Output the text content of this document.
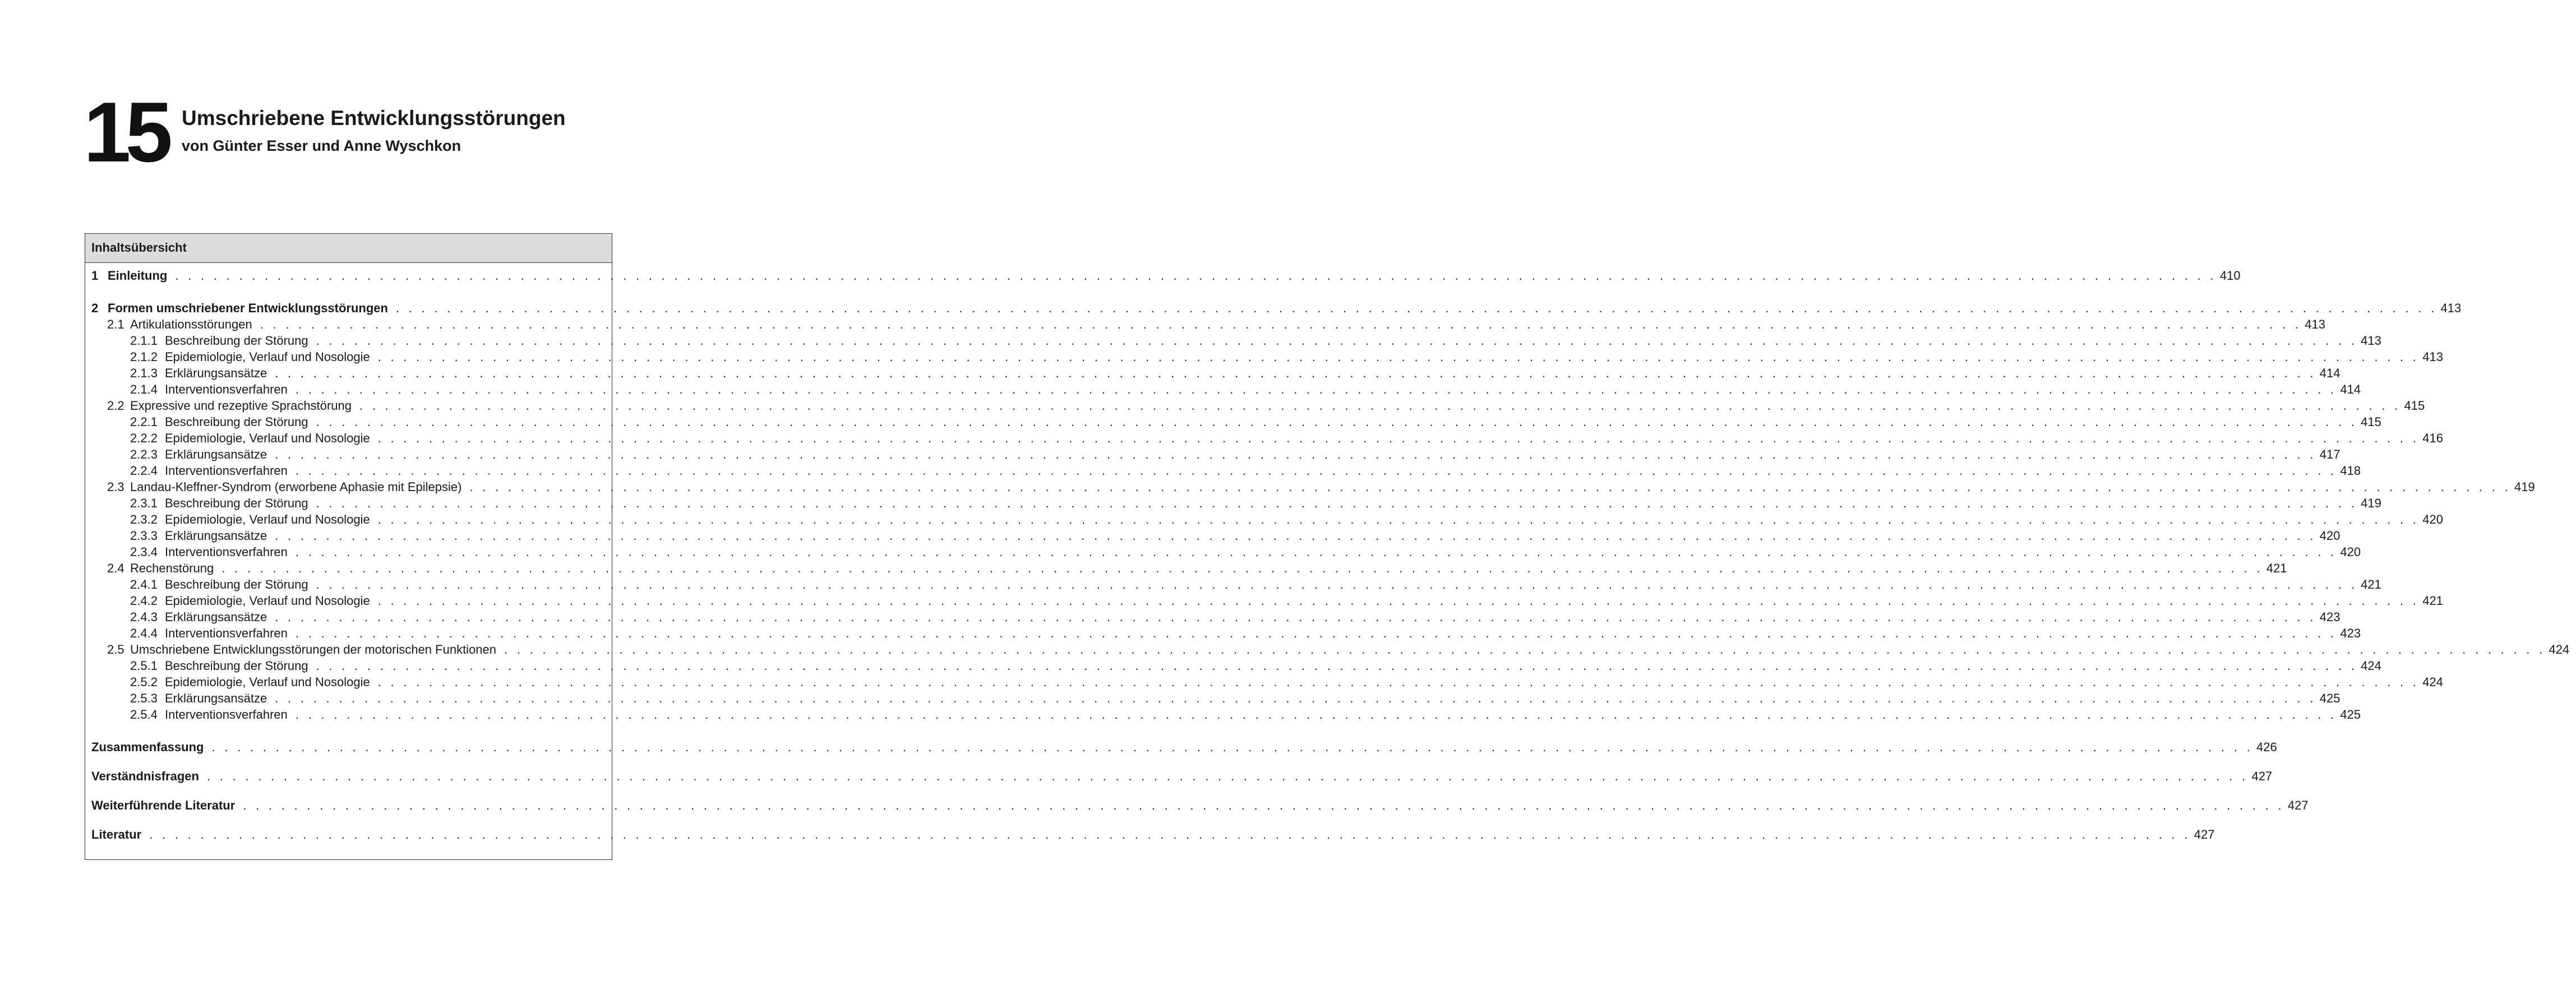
15 Umschriebene Entwicklungsstörungen
von Günter Esser und Anne Wyschkon
Inhaltsübersicht
1 Einleitung . . . . . . . . . . . . . . . . . . . . . . . . . . . . . . . . . . . . . . . . . . . . . . . . . . . . . . . . . . . . . . . . . . . . . . . . . . . . . . . . . . . . . . . . . . . . . . . . . . . . . . . . . . . . . . . . . . . . . . . . . . . . . . . . . . . . . . . . . . . . . . . . . . . . . . . . . . . . . . . . 410
2 Formen umschriebener Entwicklungsstörungen . . . . . . . . . . . . . . . . . . . . . . . . . . . . . . . . . . . . . . . . . . . . . . . . . . . . . . . . . . . . . . . . . . . . . . . . . . . . . . . . . . . . . . . . . . . . . . . . . . . . . . . . . . . . . . . . . . . . . . . . . . . . . . . . . . . . . . . . . . . . . . . . . . . . . . . . . . . . . . . . 413
2.1 Artikulationsstörungen . . . . . . . . . . . . . . . . . . . . . . . . . . . . . . . . . . . . . . . . . . . . . . . . . . . . . . . . . . . . . . . . . . . . . . . . . . . . . . . . . . . . . . . . . . . . . . . . . . . . . . . . . . . . . . . . . . . . . . . . . . . . . . . . . . . . . . . . . . . . . . . . . . . . . . . . . . . . . . . . 413
2.1.1 Beschreibung der Störung . . . . . . . . . . . . . . . . . . . . . . . . . . . . . . . . . . . . . . . . . . . . . . . . . . . . . . . . . . . . . . . . . . . . . . . . . . . . . . . . . . . . . . . . . . . . . . . . . . . . . . . . . . . . . . . . . . . . . . . . . . . . . . . . . . . . . . . . . . . . . . . . . . . . . . . . . . . . . . . . 413
2.1.2 Epidemiologie, Verlauf und Nosologie . . . . . . . . . . . . . . . . . . . . . . . . . . . . . . . . . . . . . . . . . . . . . . . . . . . . . . . . . . . . . . . . . . . . . . . . . . . . . . . . . . . . . . . . . . . . . . . . . . . . . . . . . . . . . . . . . . . . . . . . . . . . . . . . . . . . . . . . . . . . . . . . . . . . . . . . . . . . . . . . 413
2.1.3 Erklärungsansätze . . . . . . . . . . . . . . . . . . . . . . . . . . . . . . . . . . . . . . . . . . . . . . . . . . . . . . . . . . . . . . . . . . . . . . . . . . . . . . . . . . . . . . . . . . . . . . . . . . . . . . . . . . . . . . . . . . . . . . . . . . . . . . . . . . . . . . . . . . . . . . . . . . . . . . . . . . . . . . . . 414
2.1.4 Interventionsverfahren . . . . . . . . . . . . . . . . . . . . . . . . . . . . . . . . . . . . . . . . . . . . . . . . . . . . . . . . . . . . . . . . . . . . . . . . . . . . . . . . . . . . . . . . . . . . . . . . . . . . . . . . . . . . . . . . . . . . . . . . . . . . . . . . . . . . . . . . . . . . . . . . . . . . . . . . . . . . . . . . 414
2.2 Expressive und rezeptive Sprachstörung . . . . . . . . . . . . . . . . . . . . . . . . . . . . . . . . . . . . . . . . . . . . . . . . . . . . . . . . . . . . . . . . . . . . . . . . . . . . . . . . . . . . . . . . . . . . . . . . . . . . . . . . . . . . . . . . . . . . . . . . . . . . . . . . . . . . . . . . . . . . . . . . . . . . . . . . . . . . . . . . 415
2.2.1 Beschreibung der Störung . . . . . . . . . . . . . . . . . . . . . . . . . . . . . . . . . . . . . . . . . . . . . . . . . . . . . . . . . . . . . . . . . . . . . . . . . . . . . . . . . . . . . . . . . . . . . . . . . . . . . . . . . . . . . . . . . . . . . . . . . . . . . . . . . . . . . . . . . . . . . . . . . . . . . . . . . . . . . . . . 415
2.2.2 Epidemiologie, Verlauf und Nosologie . . . . . . . . . . . . . . . . . . . . . . . . . . . . . . . . . . . . . . . . . . . . . . . . . . . . . . . . . . . . . . . . . . . . . . . . . . . . . . . . . . . . . . . . . . . . . . . . . . . . . . . . . . . . . . . . . . . . . . . . . . . . . . . . . . . . . . . . . . . . . . . . . . . . . . . . . . . . . . . . 416
2.2.3 Erklärungsansätze . . . . . . . . . . . . . . . . . . . . . . . . . . . . . . . . . . . . . . . . . . . . . . . . . . . . . . . . . . . . . . . . . . . . . . . . . . . . . . . . . . . . . . . . . . . . . . . . . . . . . . . . . . . . . . . . . . . . . . . . . . . . . . . . . . . . . . . . . . . . . . . . . . . . . . . . . . . . . . . . 417
2.2.4 Interventionsverfahren . . . . . . . . . . . . . . . . . . . . . . . . . . . . . . . . . . . . . . . . . . . . . . . . . . . . . . . . . . . . . . . . . . . . . . . . . . . . . . . . . . . . . . . . . . . . . . . . . . . . . . . . . . . . . . . . . . . . . . . . . . . . . . . . . . . . . . . . . . . . . . . . . . . . . . . . . . . . . . . . 418
2.3 Landau-Kleffner-Syndrom (erworbene Aphasie mit Epilepsie) . . . . . . . . . . . . . . . . . . . . . . . . . . . . . . . . . . . . . . . . . . . . . . . . . . . . . . . . . . . . . . . . . . . . . . . . . . . . . . . . . . . . . . . . . . . . . . . . . . . . . . . . . . . . . . . . . . . . . . . . . . . . . . . . . . . . . . . . . . . . . . . . . . . . . . . . . . . . . . . . 419
2.3.1 Beschreibung der Störung . . . . . . . . . . . . . . . . . . . . . . . . . . . . . . . . . . . . . . . . . . . . . . . . . . . . . . . . . . . . . . . . . . . . . . . . . . . . . . . . . . . . . . . . . . . . . . . . . . . . . . . . . . . . . . . . . . . . . . . . . . . . . . . . . . . . . . . . . . . . . . . . . . . . . . . . . . . . . . . . 419
2.3.2 Epidemiologie, Verlauf und Nosologie . . . . . . . . . . . . . . . . . . . . . . . . . . . . . . . . . . . . . . . . . . . . . . . . . . . . . . . . . . . . . . . . . . . . . . . . . . . . . . . . . . . . . . . . . . . . . . . . . . . . . . . . . . . . . . . . . . . . . . . . . . . . . . . . . . . . . . . . . . . . . . . . . . . . . . . . . . . . . . . . 420
2.3.3 Erklärungsansätze . . . . . . . . . . . . . . . . . . . . . . . . . . . . . . . . . . . . . . . . . . . . . . . . . . . . . . . . . . . . . . . . . . . . . . . . . . . . . . . . . . . . . . . . . . . . . . . . . . . . . . . . . . . . . . . . . . . . . . . . . . . . . . . . . . . . . . . . . . . . . . . . . . . . . . . . . . . . . . . . 420
2.3.4 Interventionsverfahren . . . . . . . . . . . . . . . . . . . . . . . . . . . . . . . . . . . . . . . . . . . . . . . . . . . . . . . . . . . . . . . . . . . . . . . . . . . . . . . . . . . . . . . . . . . . . . . . . . . . . . . . . . . . . . . . . . . . . . . . . . . . . . . . . . . . . . . . . . . . . . . . . . . . . . . . . . . . . . . . 420
2.4 Rechenstörung . . . . . . . . . . . . . . . . . . . . . . . . . . . . . . . . . . . . . . . . . . . . . . . . . . . . . . . . . . . . . . . . . . . . . . . . . . . . . . . . . . . . . . . . . . . . . . . . . . . . . . . . . . . . . . . . . . . . . . . . . . . . . . . . . . . . . . . . . . . . . . . . . . . . . . . . . . . . . . . . 421
2.4.1 Beschreibung der Störung . . . . . . . . . . . . . . . . . . . . . . . . . . . . . . . . . . . . . . . . . . . . . . . . . . . . . . . . . . . . . . . . . . . . . . . . . . . . . . . . . . . . . . . . . . . . . . . . . . . . . . . . . . . . . . . . . . . . . . . . . . . . . . . . . . . . . . . . . . . . . . . . . . . . . . . . . . . . . . . . 421
2.4.2 Epidemiologie, Verlauf und Nosologie . . . . . . . . . . . . . . . . . . . . . . . . . . . . . . . . . . . . . . . . . . . . . . . . . . . . . . . . . . . . . . . . . . . . . . . . . . . . . . . . . . . . . . . . . . . . . . . . . . . . . . . . . . . . . . . . . . . . . . . . . . . . . . . . . . . . . . . . . . . . . . . . . . . . . . . . . . . . . . . . 421
2.4.3 Erklärungsansätze . . . . . . . . . . . . . . . . . . . . . . . . . . . . . . . . . . . . . . . . . . . . . . . . . . . . . . . . . . . . . . . . . . . . . . . . . . . . . . . . . . . . . . . . . . . . . . . . . . . . . . . . . . . . . . . . . . . . . . . . . . . . . . . . . . . . . . . . . . . . . . . . . . . . . . . . . . . . . . . . 423
2.4.4 Interventionsverfahren . . . . . . . . . . . . . . . . . . . . . . . . . . . . . . . . . . . . . . . . . . . . . . . . . . . . . . . . . . . . . . . . . . . . . . . . . . . . . . . . . . . . . . . . . . . . . . . . . . . . . . . . . . . . . . . . . . . . . . . . . . . . . . . . . . . . . . . . . . . . . . . . . . . . . . . . . . . . . . . . 423
2.5 Umschriebene Entwicklungsstörungen der motorischen Funktionen . . . . . . . . . . . . . . . . . . . . . . . . . . . . . . . . . . . . . . . . . . . . . . . . . . . . . . . . . . . . . . . . . . . . . . . . . . . . . . . . . . . . . . . . . . . . . . . . . . . . . . . . . . . . . . . . . . . . . . . . . . . . . . . . . . . . . . . . . . . . . . . . . . . . . . . . . . . . . . . . 424
2.5.1 Beschreibung der Störung . . . . . . . . . . . . . . . . . . . . . . . . . . . . . . . . . . . . . . . . . . . . . . . . . . . . . . . . . . . . . . . . . . . . . . . . . . . . . . . . . . . . . . . . . . . . . . . . . . . . . . . . . . . . . . . . . . . . . . . . . . . . . . . . . . . . . . . . . . . . . . . . . . . . . . . . . . . . . . . . 424
2.5.2 Epidemiologie, Verlauf und Nosologie . . . . . . . . . . . . . . . . . . . . . . . . . . . . . . . . . . . . . . . . . . . . . . . . . . . . . . . . . . . . . . . . . . . . . . . . . . . . . . . . . . . . . . . . . . . . . . . . . . . . . . . . . . . . . . . . . . . . . . . . . . . . . . . . . . . . . . . . . . . . . . . . . . . . . . . . . . . . . . . . 424
2.5.3 Erklärungsansätze . . . . . . . . . . . . . . . . . . . . . . . . . . . . . . . . . . . . . . . . . . . . . . . . . . . . . . . . . . . . . . . . . . . . . . . . . . . . . . . . . . . . . . . . . . . . . . . . . . . . . . . . . . . . . . . . . . . . . . . . . . . . . . . . . . . . . . . . . . . . . . . . . . . . . . . . . . . . . . . . 425
2.5.4 Interventionsverfahren . . . . . . . . . . . . . . . . . . . . . . . . . . . . . . . . . . . . . . . . . . . . . . . . . . . . . . . . . . . . . . . . . . . . . . . . . . . . . . . . . . . . . . . . . . . . . . . . . . . . . . . . . . . . . . . . . . . . . . . . . . . . . . . . . . . . . . . . . . . . . . . . . . . . . . . . . . . . . . . . 425
Zusammenfassung . . . . . . . . . . . . . . . . . . . . . . . . . . . . . . . . . . . . . . . . . . . . . . . . . . . . . . . . . . . . . . . . . . . . . . . . . . . . . . . . . . . . . . . . . . . . . . . . . . . . . . . . . . . . . . . . . . . . . . . . . . . . . . . . . . . . . . . . . . . . . . . . . . . . . . . . . . . . . . . . 426
Verständnisfragen . . . . . . . . . . . . . . . . . . . . . . . . . . . . . . . . . . . . . . . . . . . . . . . . . . . . . . . . . . . . . . . . . . . . . . . . . . . . . . . . . . . . . . . . . . . . . . . . . . . . . . . . . . . . . . . . . . . . . . . . . . . . . . . . . . . . . . . . . . . . . . . . . . . . . . . . . . . . . . . . 427
Weiterführende Literatur . . . . . . . . . . . . . . . . . . . . . . . . . . . . . . . . . . . . . . . . . . . . . . . . . . . . . . . . . . . . . . . . . . . . . . . . . . . . . . . . . . . . . . . . . . . . . . . . . . . . . . . . . . . . . . . . . . . . . . . . . . . . . . . . . . . . . . . . . . . . . . . . . . . . . . . . . . . . . . . . 427
Literatur . . . . . . . . . . . . . . . . . . . . . . . . . . . . . . . . . . . . . . . . . . . . . . . . . . . . . . . . . . . . . . . . . . . . . . . . . . . . . . . . . . . . . . . . . . . . . . . . . . . . . . . . . . . . . . . . . . . . . . . . . . . . . . . . . . . . . . . . . . . . . . . . . . . . . . . . . . . . . . . . 427
